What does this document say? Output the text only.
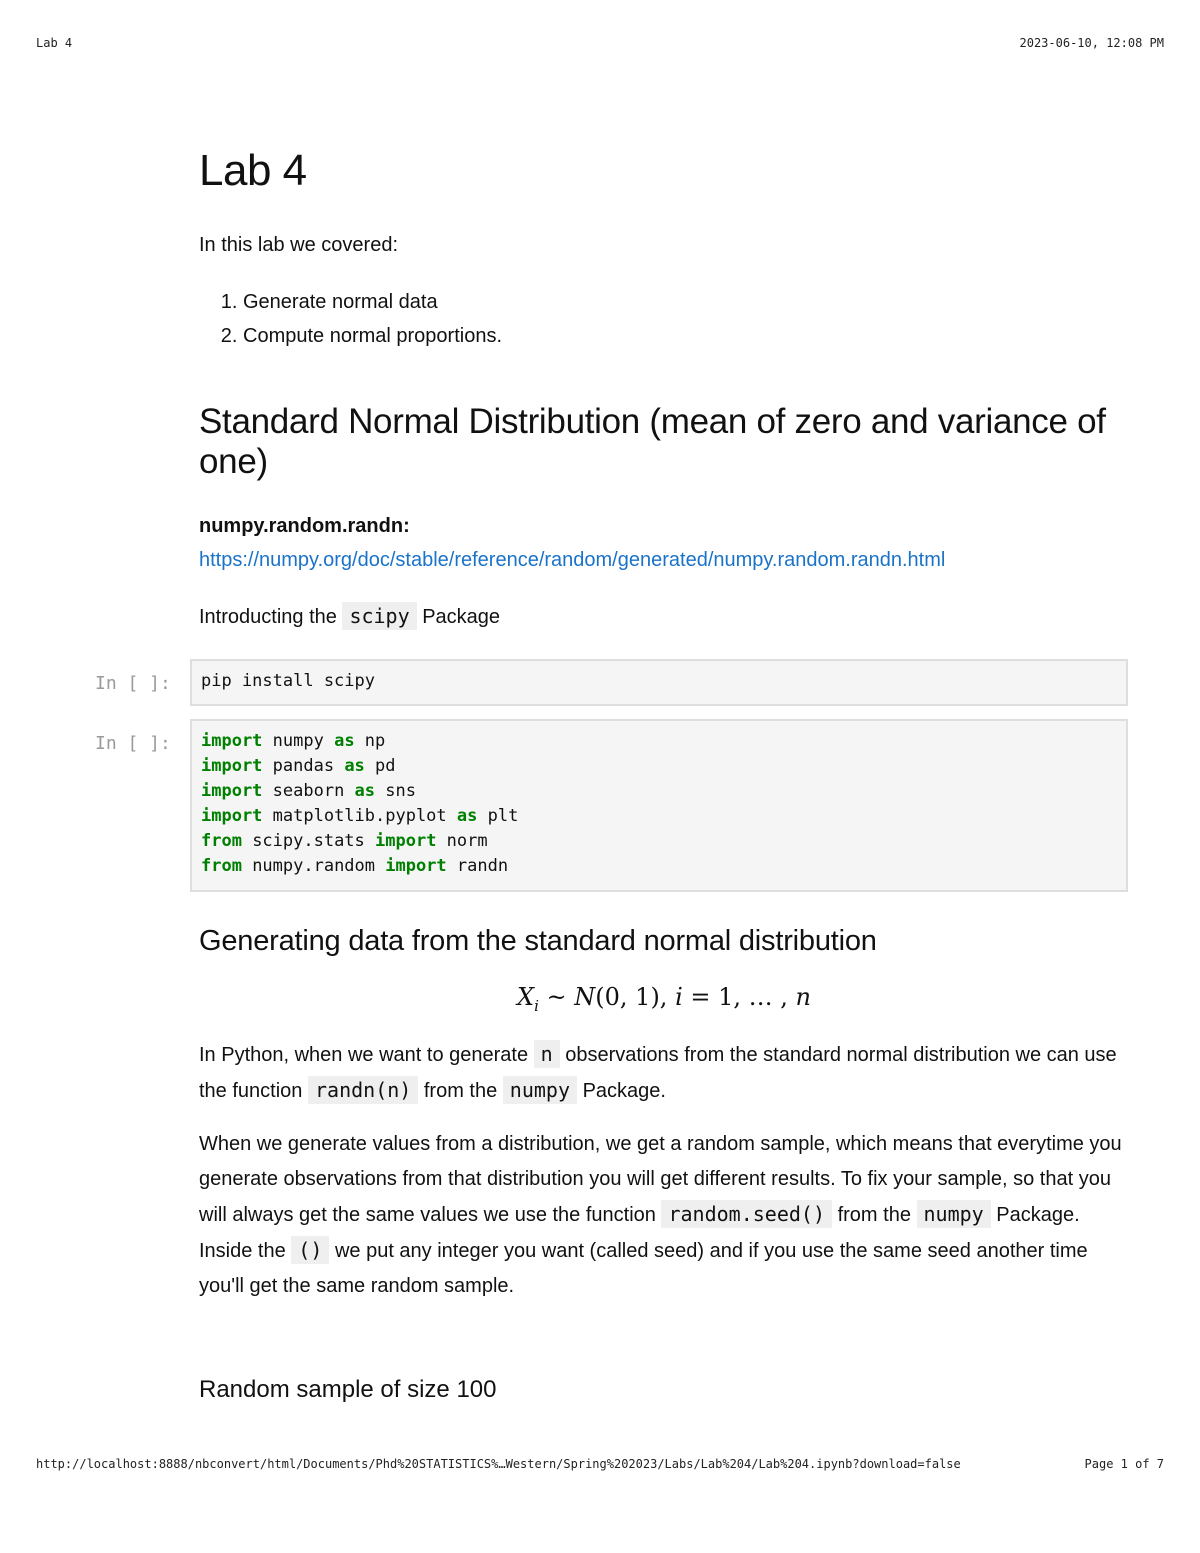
Lab 4	2023-06-10, 12:08 PM
Lab 4

In this lab we covered:

1. Generate normal data
2. Compute normal proportions.
Standard Normal Distribution (mean of zero and variance of one)

numpy.random.randn:

https://numpy.org/doc/stable/reference/random/generated/numpy.random.randn.html

Introducting the scipy Package

In [ ]:	pip install scipy
In [ ]:	import numpy as np
import pandas as pd
import seaborn as sns
import matplotlib.pyplot as plt
from scipy.stats import norm
from numpy.random import randn
Generating data from the standard normal distribution
$X_i$ ~ N(0, 1), i = 1, … , n

In Python, when we want to generate n observations from the standard normal distribution we can use the function randn(n) from the numpy Package.

When we generate values from a distribution, we get a random sample, which means that everytime you generate observations from that distribution you will get different results. To fix your sample, so that you will always get the same values we use the function random.seed() from the numpy Package. Inside the () we put any integer you want (called seed) and if you use the same seed another time you'll get the same random sample.

Random sample of size 100
http://localhost:8888/nbconvert/html/Documents/Phd%20STATISTICS%…Western/Spring%202023/Labs/Lab%204/Lab%204.ipynb?download=false	Page 1 of 7
